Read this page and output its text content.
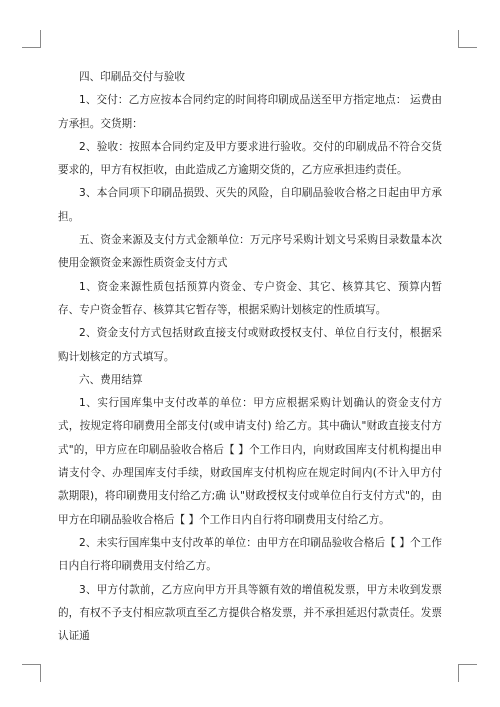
四、印刷品交付与验收

1、交付：乙方应按本合同约定的时间将印刷成品送至甲方指定地点： 运费由方承担。交货期：

2、验收：按照本合同约定及甲方要求进行验收。交付的印刷成品不符合交货要求的，甲方有权拒收，由此造成乙方逾期交货的，乙方应承担违约责任。

3、本合同项下印刷品损毁、灭失的风险，自印刷品验收合格之日起由甲方承担。

五、资金来源及支付方式金额单位：万元序号采购计划文号采购目录数量本次使用金额资金来源性质资金支付方式

1、资金来源性质包括预算内资金、专户资金、其它、核算其它、预算内暂存、专户资金暂存、核算其它暂存等，根据采购计划核定的性质填写。

2、资金支付方式包括财政直接支付或财政授权支付、单位自行支付，根据采购计划核定的方式填写。

六、费用结算

1、实行国库集中支付改革的单位：甲方应根据采购计划确认的资金支付方式，按规定将印刷费用全部支付(或申请支付) 给乙方。其中确认"财政直接支付方式"的，甲方应在印刷品验收合格后【 】个工作日内，向财政国库支付机构提出申请支付令、办理国库支付手续，财政国库支付机构应在规定时间内(不计入甲方付款期限)，将印刷费用支付给乙方;确 认"财政授权支付或单位自行支付方式"的，由甲方在印刷品验收合格后【 】个工作日内自行将印刷费用支付给乙方。

2、未实行国库集中支付改革的单位：由甲方在印刷品验收合格后【 】个工作日内自行将印刷费用支付给乙方。

3、甲方付款前，乙方应向甲方开具等额有效的增值税发票，甲方未收到发票的，有权不予支付相应款项直至乙方提供合格发票，并不承担延迟付款责任。发票认证通
